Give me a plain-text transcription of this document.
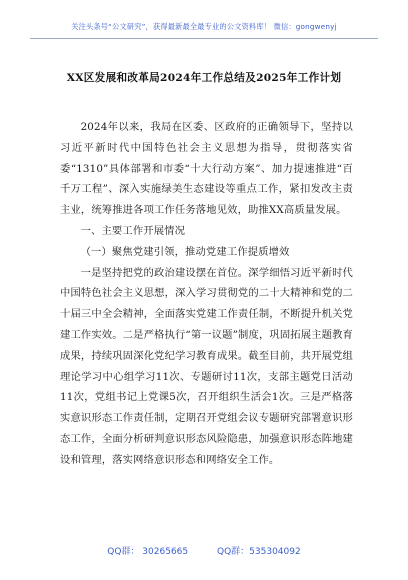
关注头条号“公文研究”，获得最新最全最专业的公文资料库！ 微信：gongwenyj
XX区发展和改革局2024年工作总结及2025年工作计划

2024年以来，我局在区委、区政府的正确领导下，坚持以习近平新时代中国特色社会主义思想为指导，贯彻落实省委“1310”具体部署和市委“十大行动方案”、加力提速推进“百千万工程”、深入实施绿美生态建设等重点工作，紧扣发改主责主业，统筹推进各项工作任务落地见效，助推XX高质量发展。

一、主要工作开展情况

（一）聚焦党建引领，推动党建工作提质增效

一是坚持把党的政治建设摆在首位。深学细悟习近平新时代中国特色社会主义思想，深入学习贯彻党的二十大精神和党的二十届三中全会精神，全面落实党建工作责任制，不断提升机关党建工作实效。二是严格执行“第一议题”制度，巩固拓展主题教育成果，持续巩固深化党纪学习教育成果。截至目前，共开展党组理论学习中心组学习11次、专题研讨11次，支部主题党日活动11次，党组书记上党课5次，召开组织生活会1次。三是严格落实意识形态工作责任制，定期召开党组会议专题研究部署意识形态工作，全面分析研判意识形态风险隐患，加强意识形态阵地建设和管理，落实网络意识形态和网络安全工作。

QQ群： 30265665	QQ群：535304092
